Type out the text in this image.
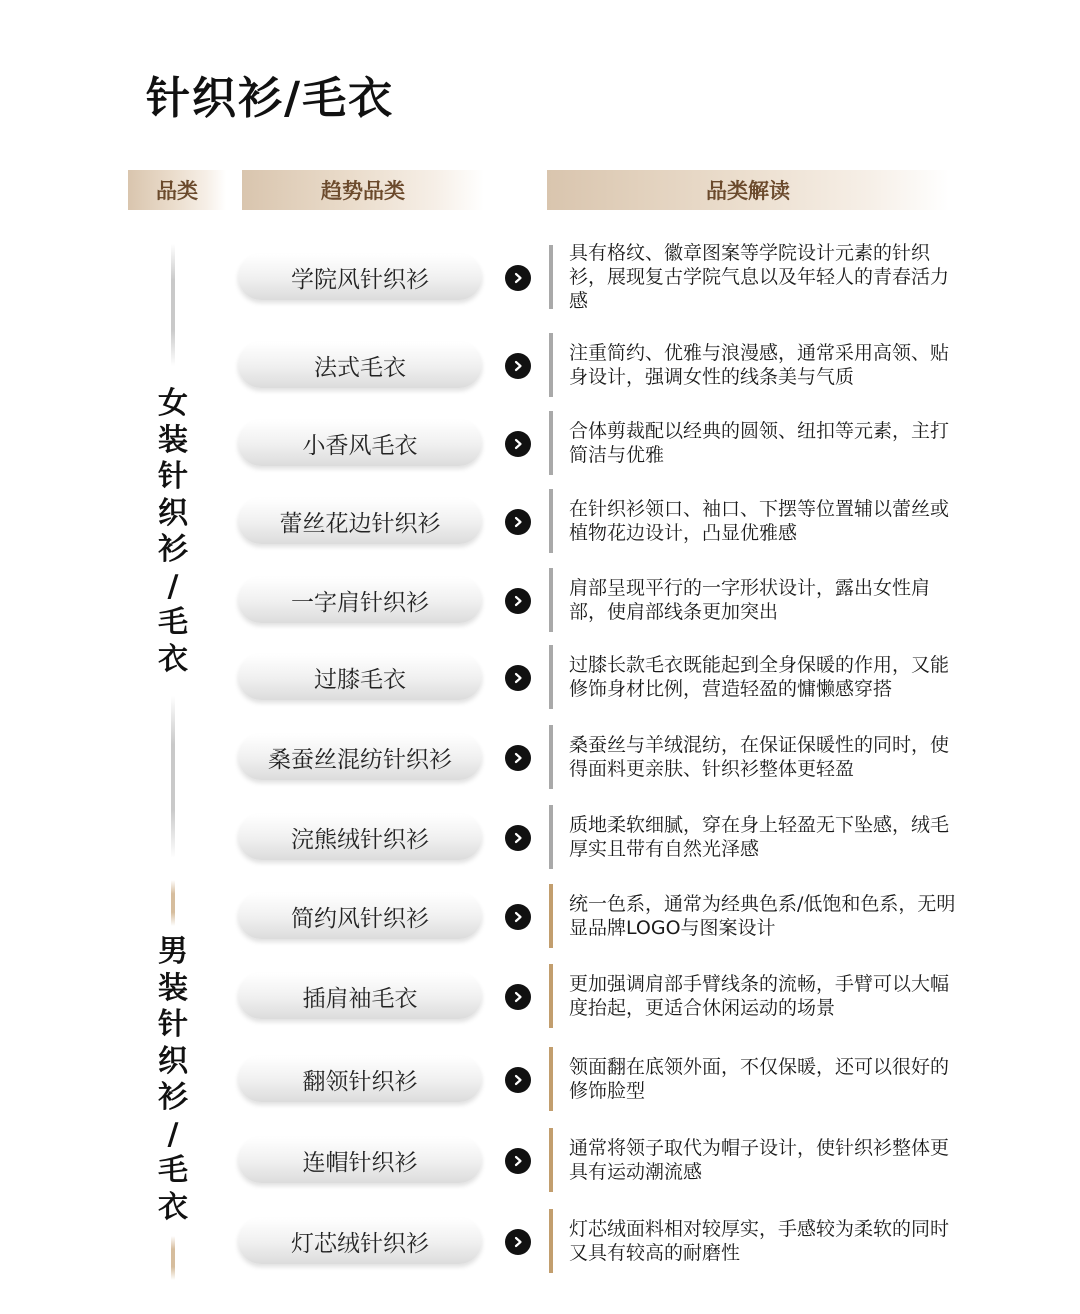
针织衫/毛衣
品类	趋势品类	品类解读
女
装
针
织
衫
/
毛
衣
男
装
针
织
衫
/
毛
衣
学院风针织衫
具有格纹、徽章图案等学院设计元素的针织衫，展现复古学院气息以及年轻人的青春活力感
法式毛衣
注重简约、优雅与浪漫感，通常采用高领、贴身设计，强调女性的线条美与气质
小香风毛衣
合体剪裁配以经典的圆领、纽扣等元素，主打简洁与优雅
蕾丝花边针织衫
在针织衫领口、袖口、下摆等位置辅以蕾丝或植物花边设计，凸显优雅感
一字肩针织衫
肩部呈现平行的一字形状设计，露出女性肩部，使肩部线条更加突出
过膝毛衣
过膝长款毛衣既能起到全身保暖的作用，又能修饰身材比例，营造轻盈的慵懒感穿搭
桑蚕丝混纺针织衫
桑蚕丝与羊绒混纺，在保证保暖性的同时，使得面料更亲肤、针织衫整体更轻盈
浣熊绒针织衫
质地柔软细腻，穿在身上轻盈无下坠感，绒毛厚实且带有自然光泽感
简约风针织衫
统一色系，通常为经典色系/低饱和色系，无明显品牌LOGO与图案设计
插肩袖毛衣
更加强调肩部手臂线条的流畅，手臂可以大幅度抬起，更适合休闲运动的场景
翻领针织衫
领面翻在底领外面，不仅保暖，还可以很好的修饰脸型
连帽针织衫
通常将领子取代为帽子设计，使针织衫整体更具有运动潮流感
灯芯绒针织衫
灯芯绒面料相对较厚实，手感较为柔软的同时又具有较高的耐磨性
